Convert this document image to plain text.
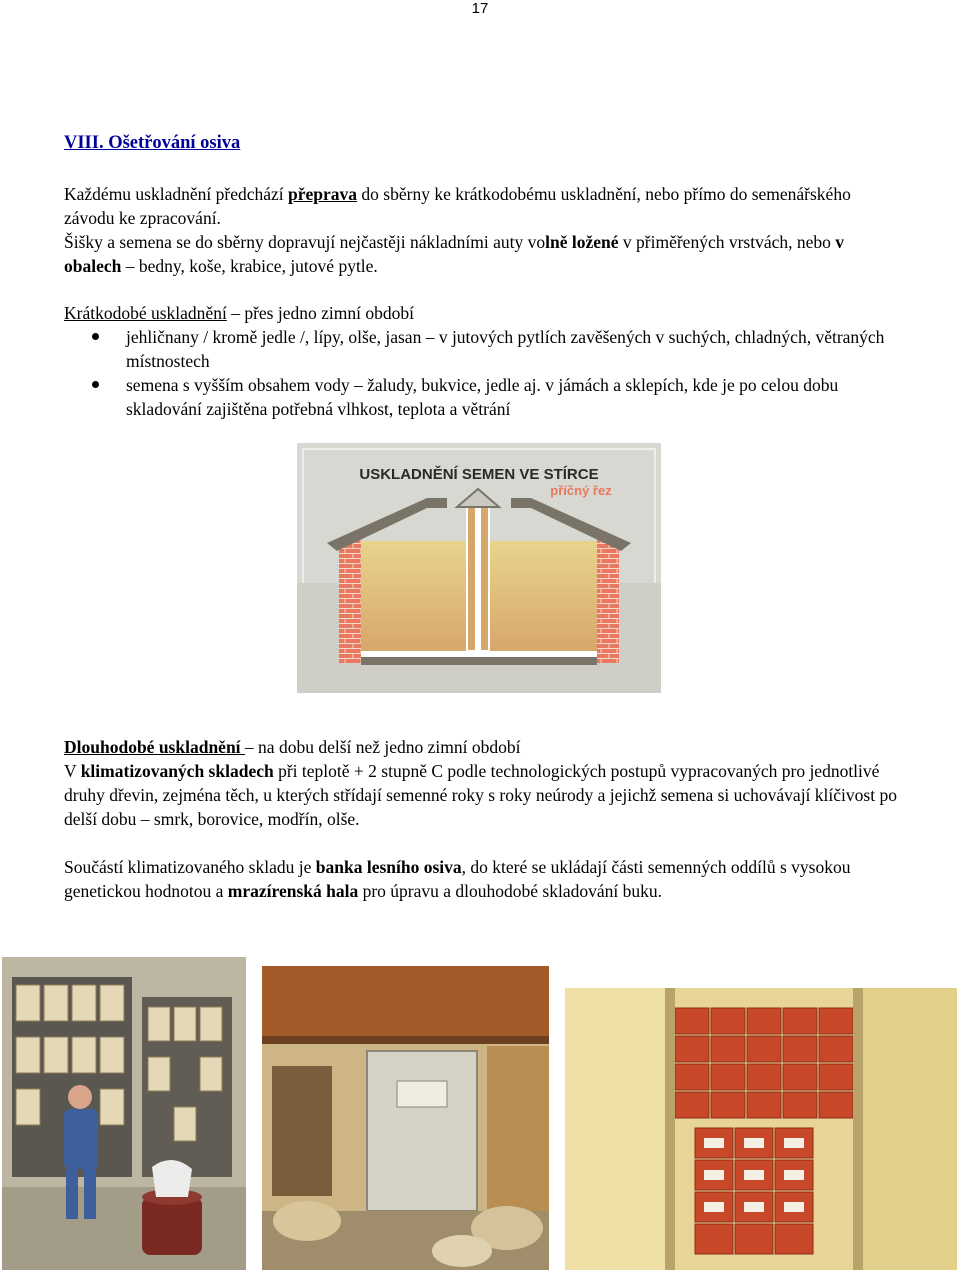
17
VIII. Ošetřování osiva
Každému uskladnění předchází přeprava do sběrny ke krátkodobému uskladnění, nebo přímo do semenářského závodu ke zpracování.
Šišky a semena se do sběrny dopravují nejčastěji nákladními auty volně ložené v přiměřených vrstvách, nebo v obalech – bedny, koše, krabice, jutové pytle.
Krátkodobé uskladnění – přes jedno zimní období
jehličnany / kromě jedle /, lípy, olše, jasan – v jutových pytlích zavěšených v suchých, chladných, větraných místnostech
semena s vyšším obsahem vody – žaludy, bukvice, jedle aj. v jámách a sklepích, kde je po celou dobu skladování zajištěna potřebná vlhkost, teplota a větrání
USKLADNĚNÍ SEMEN VE STÍRCE
příčný řez
Dlouhodobé uskladnění – na dobu delší než jedno zimní období
V klimatizovaných skladech při teplotě + 2 stupně C podle technologických postupů vypracovaných pro jednotlivé druhy dřevin, zejména těch, u kterých střídají semenné roky s roky neúrody a jejichž semena si uchovávají klíčivost po delší dobu – smrk, borovice, modřín, olše.
Součástí klimatizovaného skladu je banka lesního osiva, do které se ukládají části semenných oddílů s vysokou genetickou hodnotou a mrazírenská hala pro úpravu a dlouhodobé skladování buku.
